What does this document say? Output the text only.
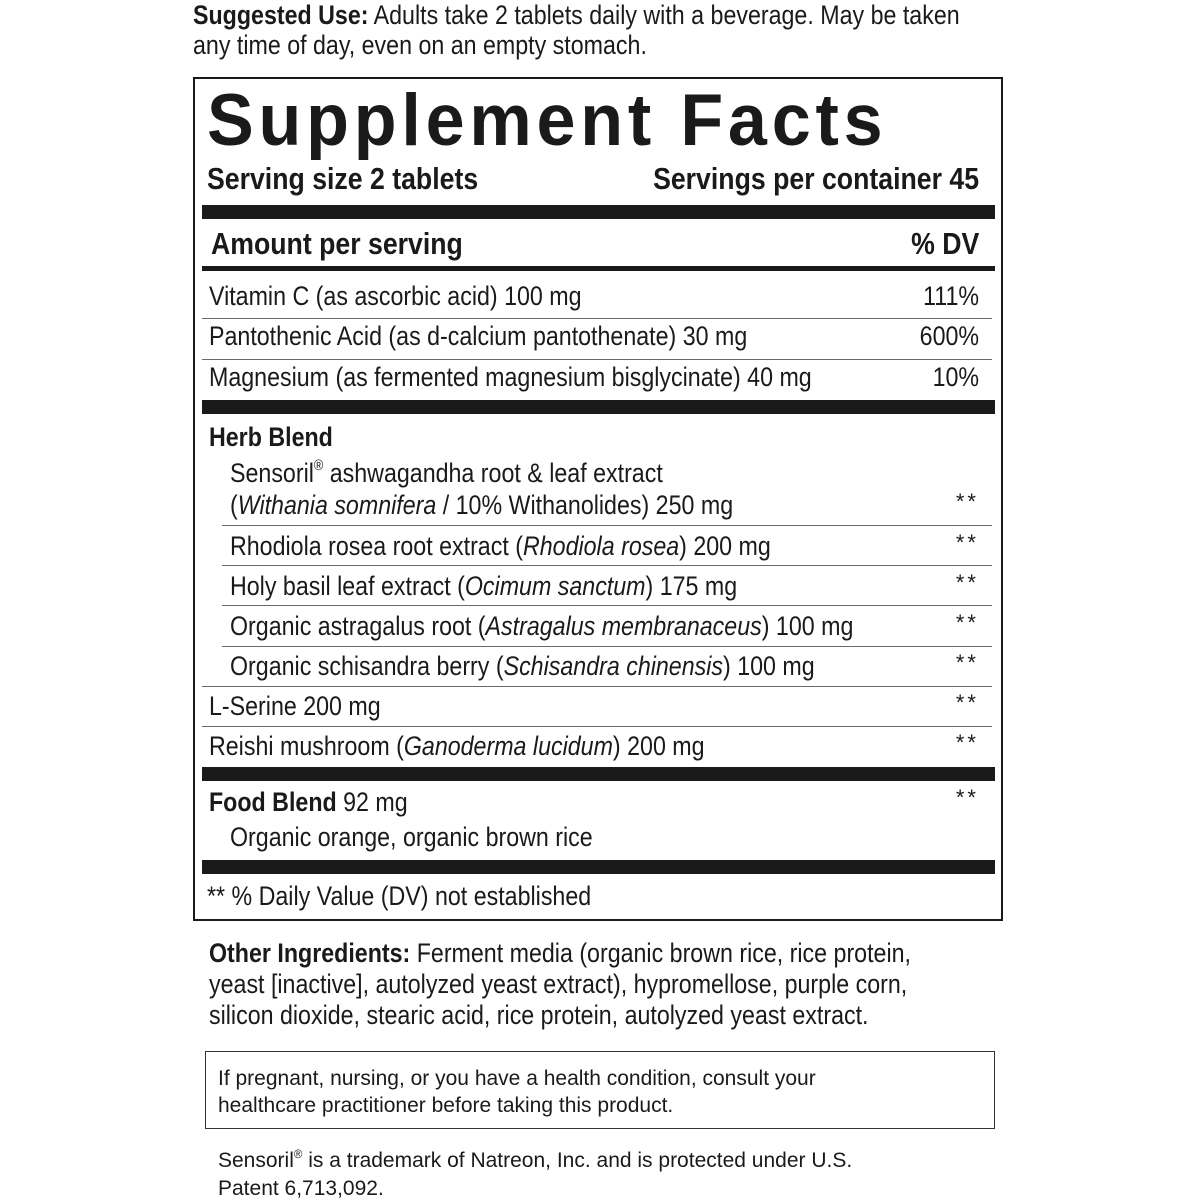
Suggested Use: Adults take 2 tablets daily with a beverage. May be taken
any time of day, even on an empty stomach.
Supplement Facts
Serving size 2 tablets	Servings per container 45
Amount per serving	% DV
Vitamin C (as ascorbic acid) 100 mg	111%
Pantothenic Acid (as d-calcium pantothenate) 30 mg	600%
Magnesium (as fermented magnesium bisglycinate) 40 mg	10%
Herb Blend
Sensoril® ashwagandha root & leaf extract
(Withania somnifera / 10% Withanolides) 250 mg	**
Rhodiola rosea root extract (Rhodiola rosea) 200 mg	**
Holy basil leaf extract (Ocimum sanctum) 175 mg	**
Organic astragalus root (Astragalus membranaceus) 100 mg	**
Organic schisandra berry (Schisandra chinensis) 100 mg	**
L-Serine 200 mg	**
Reishi mushroom (Ganoderma lucidum) 200 mg	**
Food Blend 92 mg	**
Organic orange, organic brown rice
** % Daily Value (DV) not established
Other Ingredients: Ferment media (organic brown rice, rice protein,
yeast [inactive], autolyzed yeast extract), hypromellose, purple corn,
silicon dioxide, stearic acid, rice protein, autolyzed yeast extract.
If pregnant, nursing, or you have a health condition, consult your
healthcare practitioner before taking this product.
Sensoril® is a trademark of Natreon, Inc. and is protected under U.S.
Patent 6,713,092.
